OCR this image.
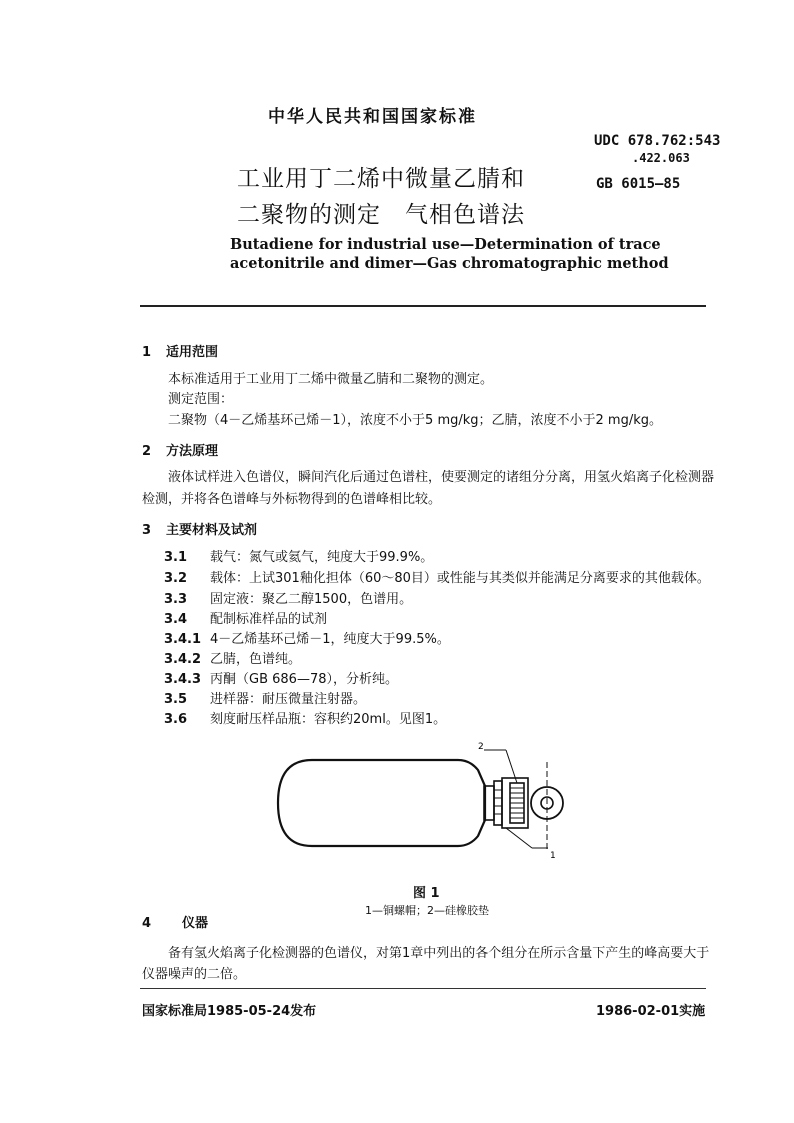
中华人民共和国国家标准
UDC 678.762:543
.422.063
GB 6015—85
工业用丁二烯中微量乙腈和
二聚物的测定　气相色谱法
Butadiene for industrial use—Determination of trace
acetonitrile and dimer—Gas chromatographic method
1 适用范围
本标准适用于工业用丁二烯中微量乙腈和二聚物的测定。
测定范围：
二聚物（4－乙烯基环己烯－1），浓度不小于5 mg/kg；乙腈，浓度不小于2 mg/kg。
2 方法原理
液体试样进入色谱仪，瞬间汽化后通过色谱柱，使要测定的诸组分分离，用氢火焰离子化检测器
检测，并将各色谱峰与外标物得到的色谱峰相比较。
3 主要材料及试剂
3.1 载气：氮气或氦气，纯度大于99.9%。
3.2 载体：上试301釉化担体（60～80目）或性能与其类似并能满足分离要求的其他载体。
3.3 固定液：聚乙二醇1500，色谱用。
3.4 配制标准样品的试剂
3.4.1 4－乙烯基环己烯－1，纯度大于99.5%。
3.4.2 乙腈，色谱纯。
3.4.3 丙酮（GB 686—78），分析纯。
3.5 进样器：耐压微量注射器。
3.6 刻度耐压样品瓶：容积约20ml。见图1。
2
1
图 1
1—铜螺帽；2—硅橡胶垫
4 仪器
备有氢火焰离子化检测器的色谱仪，对第1章中列出的各个组分在所示含量下产生的峰高要大于
仪器噪声的二倍。
国家标准局1985-05-24发布	1986-02-01实施
